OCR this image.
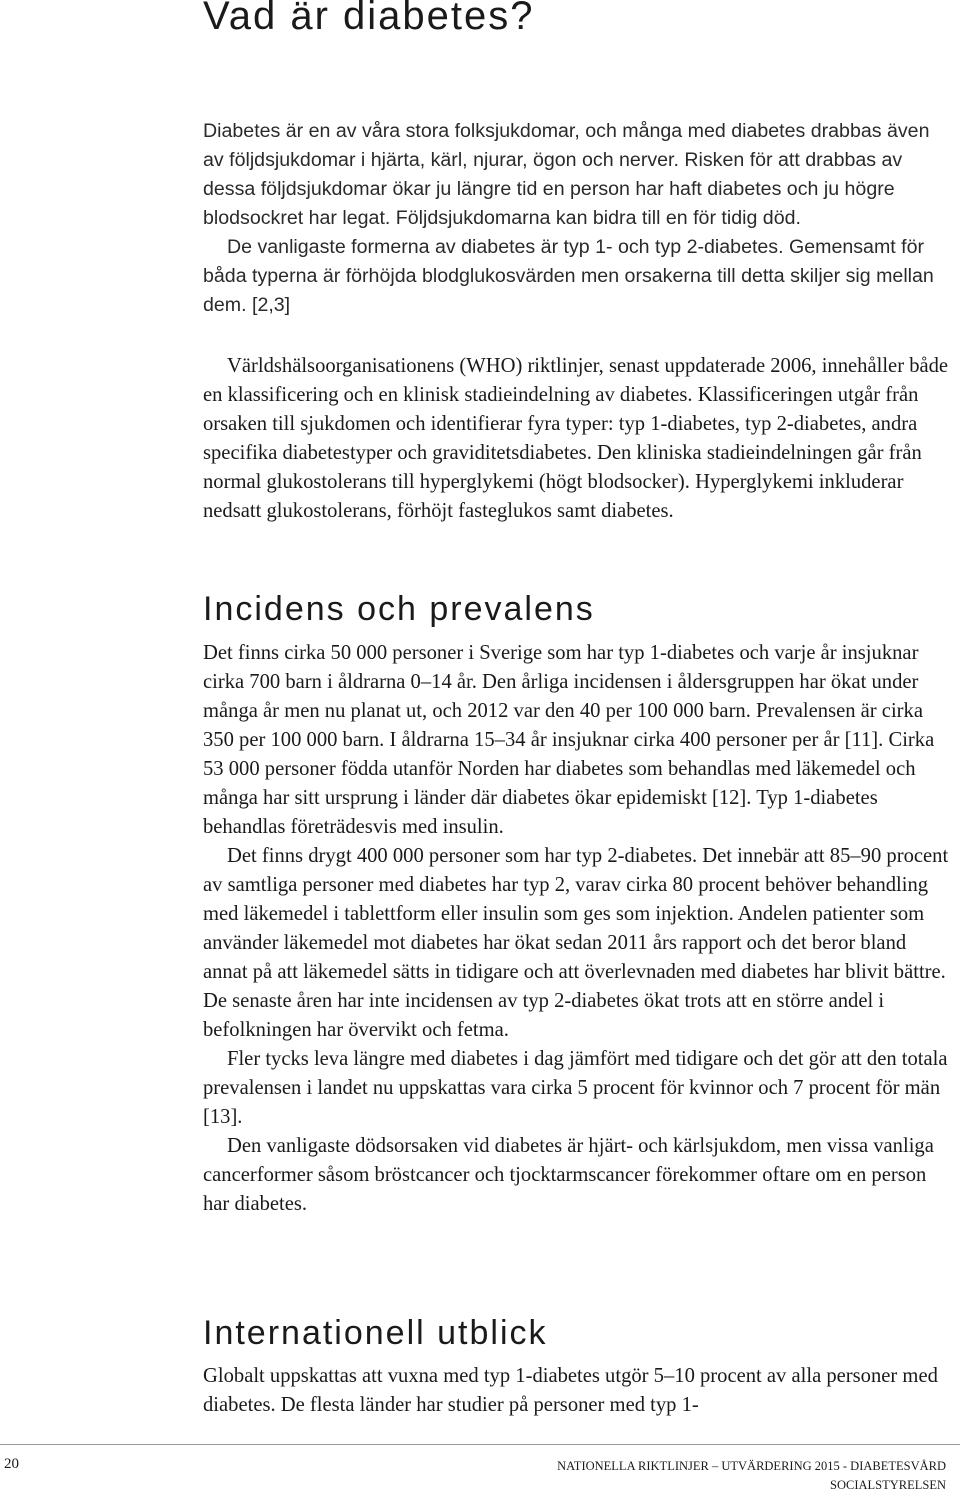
Vad är diabetes?

Diabetes är en av våra stora folksjukdomar, och många med diabetes drabbas även av följdsjukdomar i hjärta, kärl, njurar, ögon och nerver. Risken för att drabbas av dessa följdsjukdomar ökar ju längre tid en person har haft diabetes och ju högre blodsockret har legat. Följdsjukdomarna kan bidra till en för tidig död.

De vanligaste formerna av diabetes är typ 1- och typ 2-diabetes. Gemensamt för båda typerna är förhöjda blodglukosvärden men orsakerna till detta skiljer sig mellan dem. [2,3]

Världshälsoorganisationens (WHO) riktlinjer, senast uppdaterade 2006, innehåller både en klassificering och en klinisk stadieindelning av diabetes. Klassificeringen utgår från orsaken till sjukdomen och identifierar fyra typer: typ 1-diabetes, typ 2-diabetes, andra specifika diabetestyper och graviditetsdiabetes. Den kliniska stadieindelningen går från normal glukostolerans till hyperglykemi (högt blodsocker). Hyperglykemi inkluderar nedsatt glukostolerans, förhöjt fasteglukos samt diabetes.

Incidens och prevalens

Det finns cirka 50 000 personer i Sverige som har typ 1-diabetes och varje år insjuknar cirka 700 barn i åldrarna 0–14 år. Den årliga incidensen i åldersgruppen har ökat under många år men nu planat ut, och 2012 var den 40 per 100 000 barn. Prevalensen är cirka 350 per 100 000 barn. I åldrarna 15–34 år insjuknar cirka 400 personer per år [11]. Cirka 53 000 personer födda utanför Norden har diabetes som behandlas med läkemedel och många har sitt ursprung i länder där diabetes ökar epidemiskt [12]. Typ 1-diabetes behandlas företrädesvis med insulin.

Det finns drygt 400 000 personer som har typ 2-diabetes. Det innebär att 85–90 procent av samtliga personer med diabetes har typ 2, varav cirka 80 procent behöver behandling med läkemedel i tablettform eller insulin som ges som injektion. Andelen patienter som använder läkemedel mot diabetes har ökat sedan 2011 års rapport och det beror bland annat på att läkemedel sätts in tidigare och att överlevnaden med diabetes har blivit bättre. De senaste åren har inte incidensen av typ 2-diabetes ökat trots att en större andel i befolkningen har övervikt och fetma.

Fler tycks leva längre med diabetes i dag jämfört med tidigare och det gör att den totala prevalensen i landet nu uppskattas vara cirka 5 procent för kvinnor och 7 procent för män [13].

Den vanligaste dödsorsaken vid diabetes är hjärt- och kärlsjukdom, men vissa vanliga cancerformer såsom bröstcancer och tjocktarmscancer förekommer oftare om en person har diabetes.

Internationell utblick

Globalt uppskattas att vuxna med typ 1-diabetes utgör 5–10 procent av alla personer med diabetes. De flesta länder har studier på personer med typ 1-

20	NATIONELLA RIKTLINJER – UTVÄRDERING 2015 - DIABETESVÅRD
SOCIALSTYRELSEN
